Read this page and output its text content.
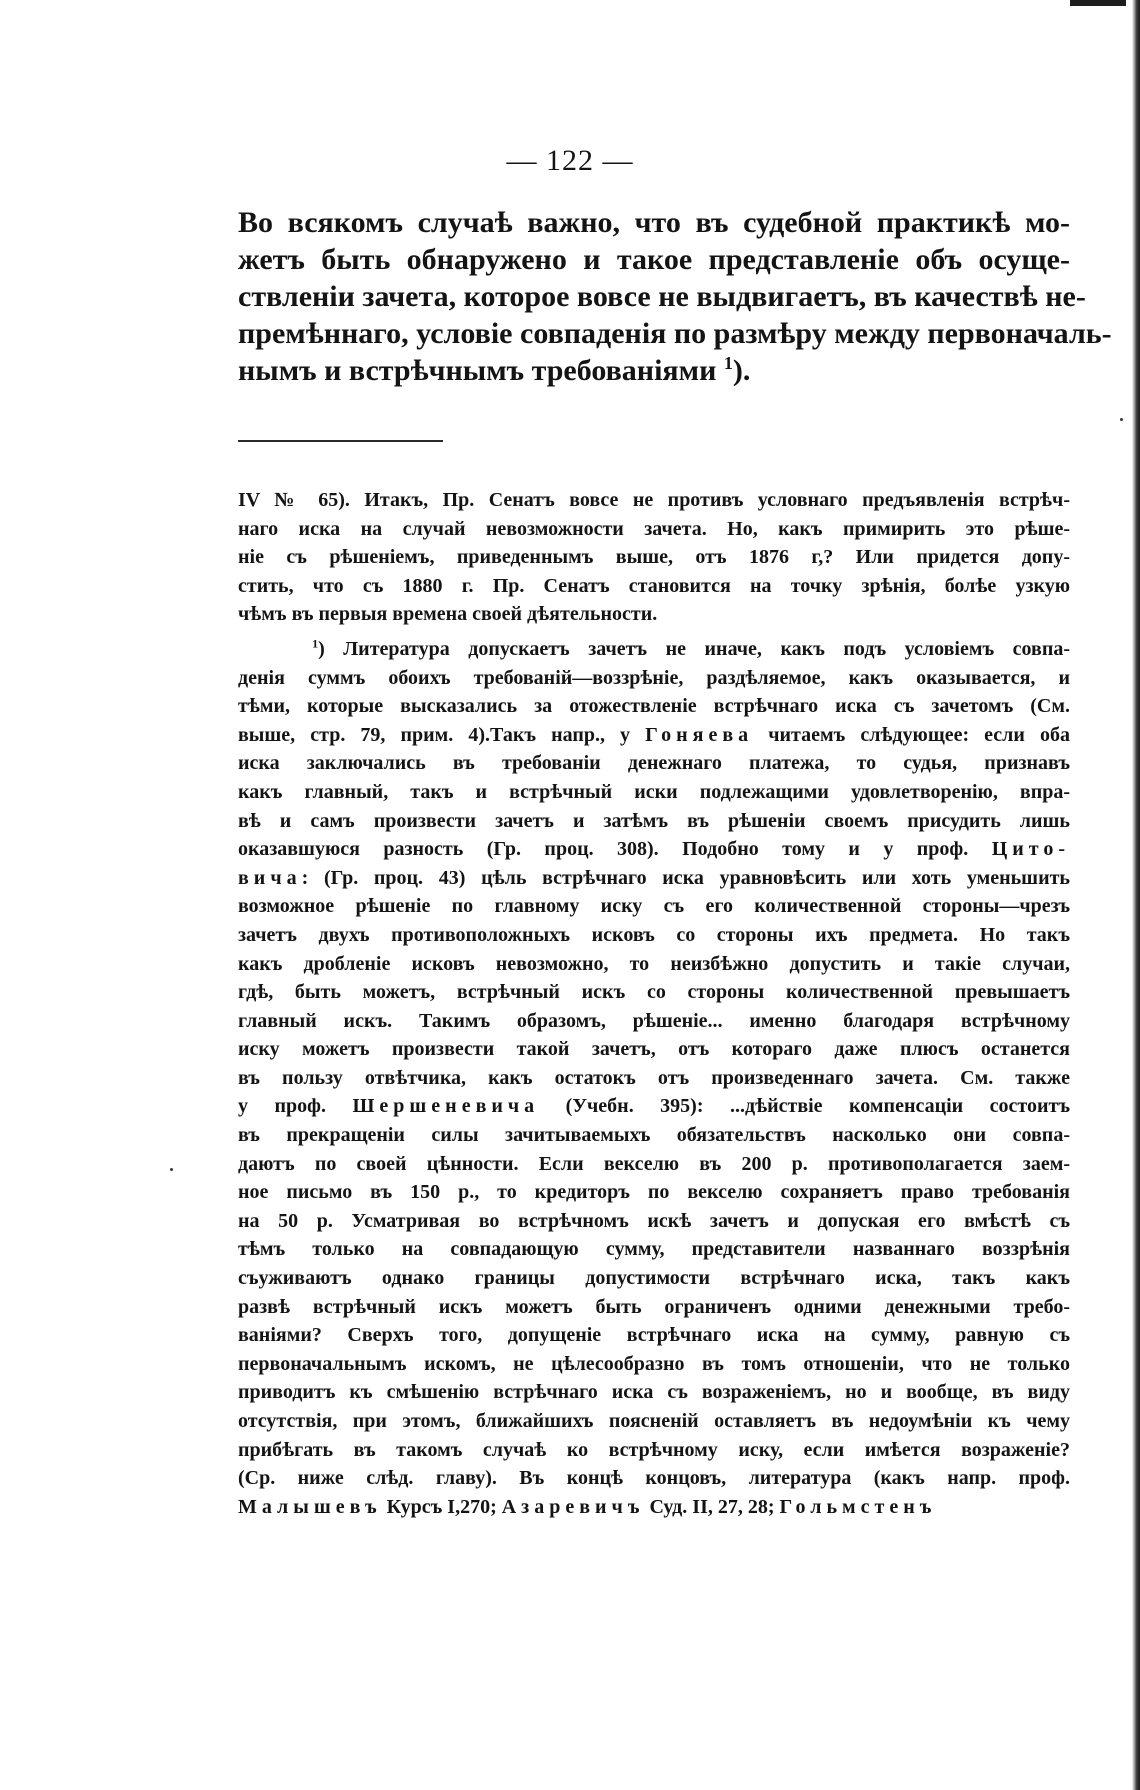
— 122 —
Во всякомъ случаѣ важно, что въ судебной практикѣ мо-
жетъ быть обнаружено и такое представленіе объ осуще-
ствленіи зачета, которое вовсе не выдвигаетъ, въ качествѣ не-
премѣннаго, условіе совпаденія по размѣру между первоначаль-
нымъ и встрѣчнымъ требованіями $^1$).
IV № 65). Итакъ, Пр. Сенатъ вовсе не противъ условнаго предъявленія встрѣч-
наго иска на случай невозможности зачета. Но, какъ примирить это рѣше-
ніе съ рѣшеніемъ, приведеннымъ выше, отъ 1876 г,? Или придется допу-
стить, что съ 1880 г. Пр. Сенатъ становится на точку зрѣнія, болѣе узкую
чѣмъ въ первыя времена своей дѣятельности.
$^1$) Литература допускаетъ зачетъ не иначе, какъ подъ условіемъ совпа-
денія суммъ обоихъ требованій—воззрѣніе, раздѣляемое, какъ оказывается, и
тѣми, которые высказались за отожествленіе встрѣчнаго иска съ зачетомъ (См.
выше, стр. 79, прим. 4).Такъ напр., у Гоняева читаемъ слѣдующее: если оба
иска заключались въ требованіи денежнаго платежа, то судья, признавъ
какъ главный, такъ и встрѣчный иски подлежащими удовлетворенію, впра-
вѣ и самъ произвести зачетъ и затѣмъ въ рѣшеніи своемъ присудить лишь
оказавшуюся разность (Гр. проц. 308). Подобно тому и у проф. Цито-
вича: (Гр. проц. 43) цѣль встрѣчнаго иска уравновѣсить или хоть уменьшить
возможное рѣшеніе по главному иску съ его количественной стороны—чрезъ
зачетъ двухъ противоположныхъ исковъ со стороны ихъ предмета. Но такъ
какъ дробленіе исковъ невозможно, то неизбѣжно допустить и такіе случаи,
гдѣ, быть можетъ, встрѣчный искъ со стороны количественной превышаетъ
главный искъ. Такимъ образомъ, рѣшеніе... именно благодаря встрѣчному
иску можетъ произвести такой зачетъ, отъ котораго даже плюсъ останется
въ пользу отвѣтчика, какъ остатокъ отъ произведеннаго зачета. См. также
у проф. Шершеневича (Учебн. 395): ...дѣйствіе компенсаціи состоитъ
въ прекращеніи силы зачитываемыхъ обязательствъ насколько они совпа-
даютъ по своей цѣнности. Если векселю въ 200 р. противополагается заем-
ное письмо въ 150 р., то кредиторъ по векселю сохраняетъ право требованія
на 50 р. Усматривая во встрѣчномъ искѣ зачетъ и допуская его вмѣстѣ съ
тѣмъ только на совпадающую сумму, представители названнаго воззрѣнія
съуживаютъ однако границы допустимости встрѣчнаго иска, такъ какъ
развѣ встрѣчный искъ можетъ быть ограниченъ одними денежными требо-
ваніями? Сверхъ того, допущеніе встрѣчнаго иска на сумму, равную съ
первоначальнымъ искомъ, не цѣлесообразно въ томъ отношеніи, что не только
приводитъ къ смѣшенію встрѣчнаго иска съ возраженіемъ, но и вообще, въ виду
отсутствія, при этомъ, ближайшихъ поясненій оставляетъ въ недоумѣніи къ чему
прибѣгать въ такомъ случаѣ ко встрѣчному иску, если имѣется возраженіе?
(Ср. ниже слѣд. главу). Въ концѣ концовъ, литература (какъ напр. проф.
Малышевъ Курсъ I,270; Азаревичъ Суд. II, 27, 28; Гольмстенъ
